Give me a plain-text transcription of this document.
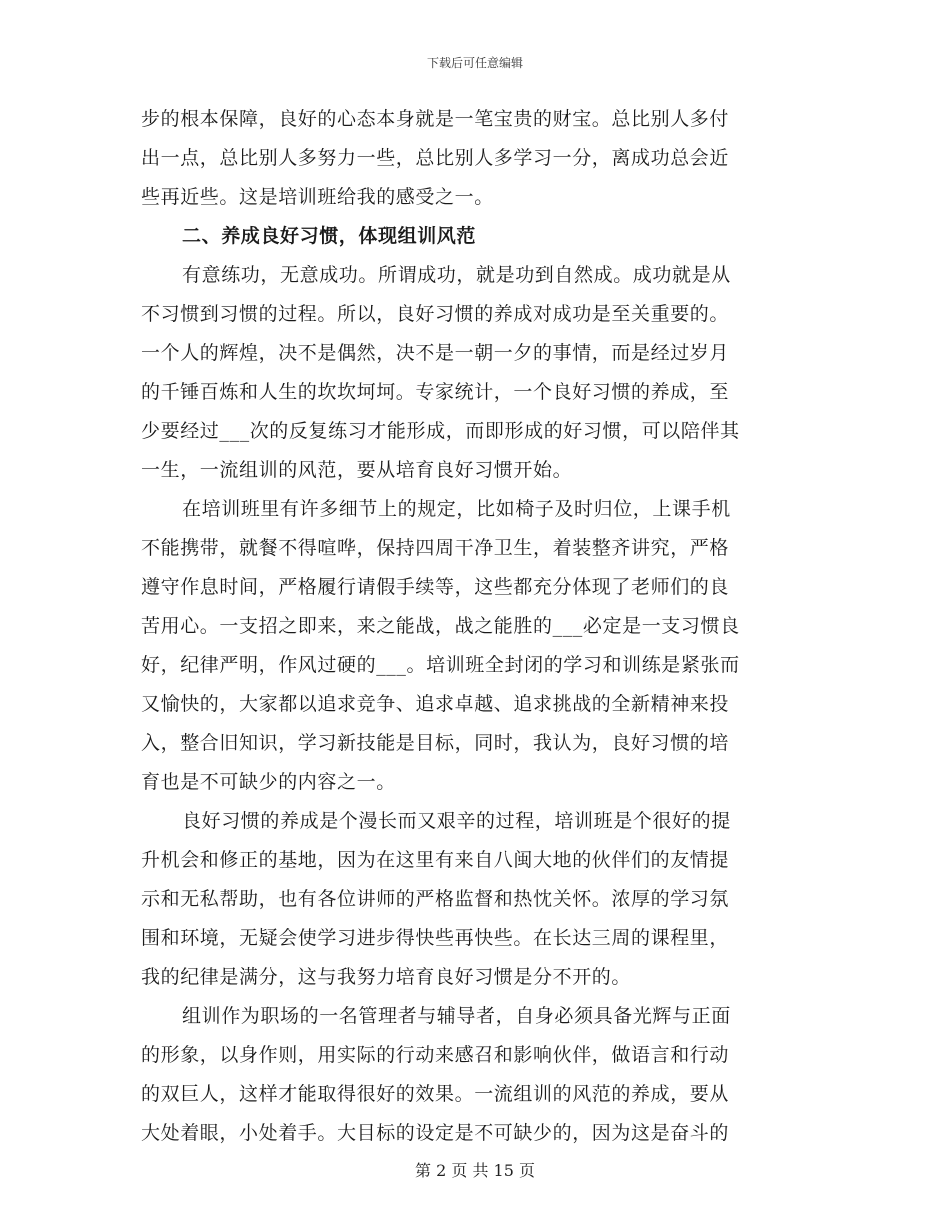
下载后可任意编辑
步的根本保障，良好的心态本身就是一笔宝贵的财宝。总比别人多付
出一点，总比别人多努力一些，总比别人多学习一分，离成功总会近
些再近些。这是培训班给我的感受之一。
二、养成良好习惯，体现组训风范
有意练功，无意成功。所谓成功，就是功到自然成。成功就是从
不习惯到习惯的过程。所以，良好习惯的养成对成功是至关重要的。
一个人的辉煌，决不是偶然，决不是一朝一夕的事情，而是经过岁月
的千锤百炼和人生的坎坎坷坷。专家统计，一个良好习惯的养成，至
少要经过___次的反复练习才能形成，而即形成的好习惯，可以陪伴其
一生，一流组训的风范，要从培育良好习惯开始。
在培训班里有许多细节上的规定，比如椅子及时归位，上课手机
不能携带，就餐不得喧哗，保持四周干净卫生，着装整齐讲究，严格
遵守作息时间，严格履行请假手续等，这些都充分体现了老师们的良
苦用心。一支招之即来，来之能战，战之能胜的___必定是一支习惯良
好，纪律严明，作风过硬的___。培训班全封闭的学习和训练是紧张而
又愉快的，大家都以追求竞争、追求卓越、追求挑战的全新精神来投
入，整合旧知识，学习新技能是目标，同时，我认为，良好习惯的培
育也是不可缺少的内容之一。
良好习惯的养成是个漫长而又艰辛的过程，培训班是个很好的提
升机会和修正的基地，因为在这里有来自八闽大地的伙伴们的友情提
示和无私帮助，也有各位讲师的严格监督和热忱关怀。浓厚的学习氛
围和环境，无疑会使学习进步得快些再快些。在长达三周的课程里，
我的纪律是满分，这与我努力培育良好习惯是分不开的。
组训作为职场的一名管理者与辅导者，自身必须具备光辉与正面
的形象，以身作则，用实际的行动来感召和影响伙伴，做语言和行动
的双巨人，这样才能取得很好的效果。一流组训的风范的养成，要从
大处着眼，小处着手。大目标的设定是不可缺少的，因为这是奋斗的
第 2 页 共 15 页
